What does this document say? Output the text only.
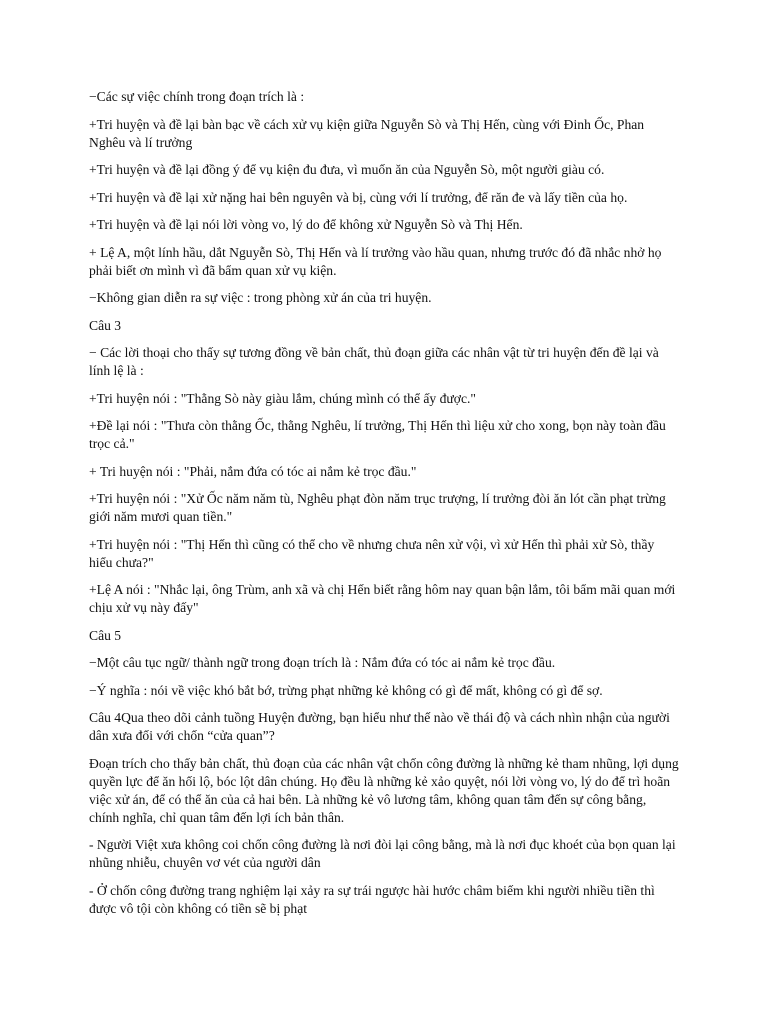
−Các sự việc chính trong đoạn trích là :

+Tri huyện và đề lại bàn bạc về cách xử vụ kiện giữa Nguyễn Sò và Thị Hến, cùng với Đinh Ốc, Phan Nghêu và lí trưởng

+Tri huyện và đề lại đồng ý để vụ kiện đu đưa, vì muốn ăn của Nguyễn Sò, một người giàu có.

+Tri huyện và đề lại xử nặng hai bên nguyên và bị, cùng với lí trưởng, để răn đe và lấy tiền của họ.

+Tri huyện và đề lại nói lời vòng vo, lý do để không xử Nguyễn Sò và Thị Hến.

+ Lệ A, một lính hầu, dắt Nguyễn Sò, Thị Hến và lí trưởng vào hầu quan, nhưng trước đó đã nhắc nhở họ phải biết ơn mình vì đã bẩm quan xử vụ kiện.

−Không gian diễn ra sự việc : trong phòng xử án của tri huyện.

Câu 3

− Các lời thoại cho thấy sự tương đồng về bản chất, thủ đoạn giữa các nhân vật từ tri huyện đến đề lại và lính lệ là :

+Tri huyện nói : "Thằng Sò này giàu lắm, chúng mình có thể ấy được."

+Đề lại nói : "Thưa còn thằng Ốc, thằng Nghêu, lí trưởng, Thị Hến thì liệu xử cho xong, bọn này toàn đầu trọc cả."

+ Tri huyện nói : "Phải, nắm đứa có tóc ai nắm kẻ trọc đầu."

+Tri huyện nói : "Xử Ốc năm năm tù, Nghêu phạt đòn năm trục trượng, lí trưởng đòi ăn lót cần phạt trừng giới năm mươi quan tiền."

+Tri huyện nói : "Thị Hến thì cũng có thể cho về nhưng chưa nên xử vội, vì xử Hến thì phải xử Sò, thầy hiểu chưa?"

+Lệ A nói : "Nhắc lại, ông Trùm, anh xã và chị Hến biết rằng hôm nay quan bận lắm, tôi bẩm mãi quan mới chịu xử vụ này đấy"

Câu 5

−Một câu tục ngữ/ thành ngữ trong đoạn trích là : Nắm đứa có tóc ai nắm kẻ trọc đầu.

−Ý nghĩa : nói về việc khó bắt bớ, trừng phạt những kẻ không có gì để mất, không có gì để sợ.

Câu 4Qua theo dõi cảnh tuồng Huyện đường, bạn hiểu như thế nào về thái độ và cách nhìn nhận của người dân xưa đối với chốn “cửa quan”?

Đoạn trích cho thấy bản chất, thủ đoạn của các nhân vật chốn công đường là những kẻ tham nhũng, lợi dụng quyền lực để ăn hối lộ, bóc lột dân chúng. Họ đều là những kẻ xảo quyệt, nói lời vòng vo, lý do để trì hoãn việc xử án, để có thể ăn của cả hai bên. Là những kẻ vô lương tâm, không quan tâm đến sự công bằng, chính nghĩa, chỉ quan tâm đến lợi ích bản thân.

- Người Việt xưa không coi chốn công đường là nơi đòi lại công bằng, mà là nơi đục khoét của bọn quan lại nhũng nhiễu, chuyên vơ vét của người dân

- Ở chốn công đường trang nghiệm lại xảy ra sự trái ngược hài hước châm biếm khi người nhiều tiền thì được vô tội còn không có tiền sẽ bị phạt
